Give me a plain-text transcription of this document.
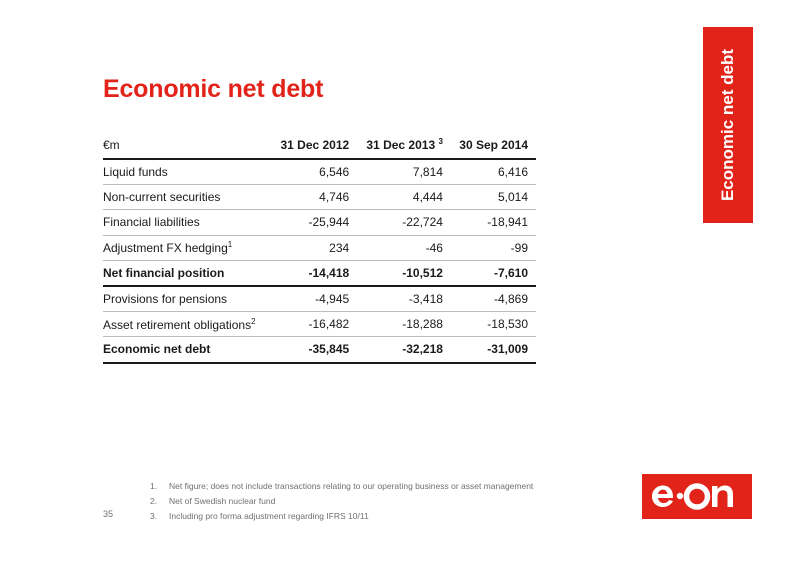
Economic net debt	Economic net debt
€m	31 Dec 2012	31 Dec 2013 $^3$	30 Sep 2014
Liquid funds	6,546	7,814	6,416
Non-current securities	4,746	4,444	5,014
Financial liabilities	-25,944	-22,724	-18,941
Adjustment FX hedging$^1$	234	-46	-99
Net financial position	-14,418	-10,512	-7,610
Provisions for pensions	-4,945	-3,418	-4,869
Asset retirement obligations$^2$	-16,482	-18,288	-18,530
Economic net debt	-35,845	-32,218	-31,009
1.	Net figure; does not include transactions relating to our operating business or asset management
2.	Net of Swedish nuclear fund
3.	Including pro forma adjustment regarding IFRS 10/11
35
